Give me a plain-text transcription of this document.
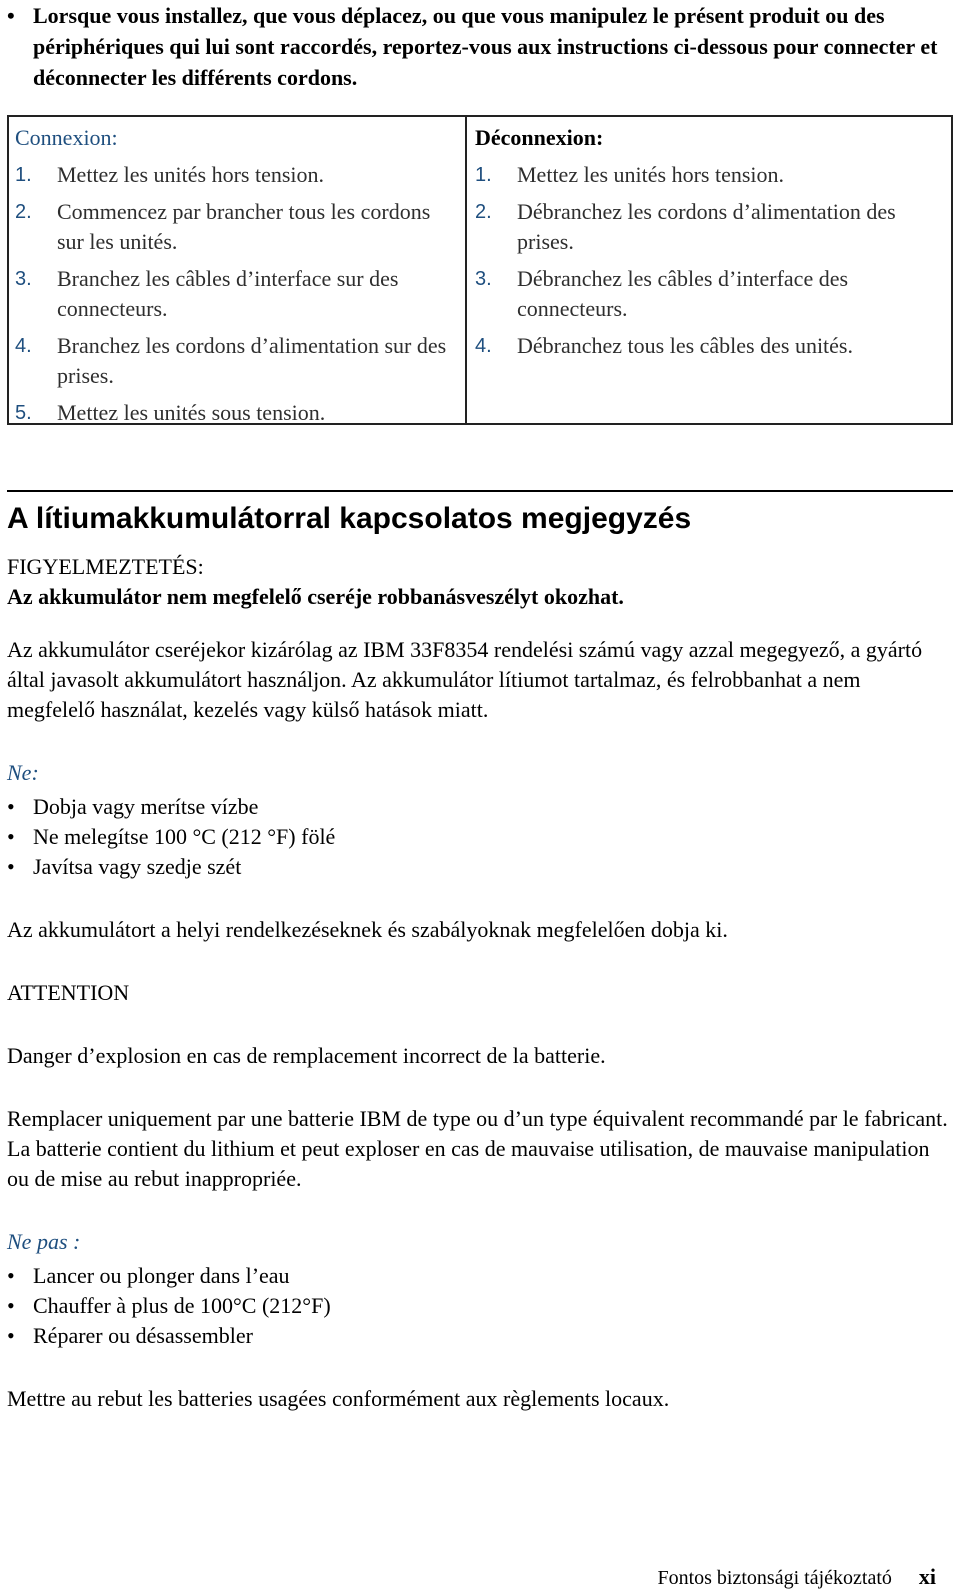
• Lorsque vous installez, que vous déplacez, ou que vous manipulez le présent produit ou des périphériques qui lui sont raccordés, reportez-vous aux instructions ci-dessous pour connecter et déconnecter les différents cordons.
Connexion:
1. Mettez les unités hors tension.
2. Commencez par brancher tous les cordons sur les unités.
3. Branchez les câbles d’interface sur des connecteurs.
4. Branchez les cordons d’alimentation sur des prises.
5. Mettez les unités sous tension.
Déconnexion:
1. Mettez les unités hors tension.
2. Débranchez les cordons d’alimentation des prises.
3. Débranchez les câbles d’interface des connecteurs.
4. Débranchez tous les câbles des unités.
A lítiumakkumulátorral kapcsolatos megjegyzés
FIGYELMEZTETÉS:
Az akkumulátor nem megfelelő cseréje robbanásveszélyt okozhat.

Az akkumulátor cseréjekor kizárólag az IBM 33F8354 rendelési számú vagy azzal megegyező, a gyártó által javasolt akkumulátort használjon. Az akkumulátor lítiumot tartalmaz, és felrobbanhat a nem megfelelő használat, kezelés vagy külső hatások miatt.

Ne:
• Dobja vagy merítse vízbe
• Ne melegítse 100 °C (212 °F) fölé
• Javítsa vagy szedje szét

Az akkumulátort a helyi rendelkezéseknek és szabályoknak megfelelően dobja ki.

ATTENTION

Danger d’explosion en cas de remplacement incorrect de la batterie.

Remplacer uniquement par une batterie IBM de type ou d’un type équivalent recommandé par le fabricant. La batterie contient du lithium et peut exploser en cas de mauvaise utilisation, de mauvaise manipulation ou de mise au rebut inappropriée.

Ne pas :
• Lancer ou plonger dans l’eau
• Chauffer à plus de 100°C (212°F)
• Réparer ou désassembler

Mettre au rebut les batteries usagées conformément aux règlements locaux.

Fontos biztonsági tájékoztató xi
